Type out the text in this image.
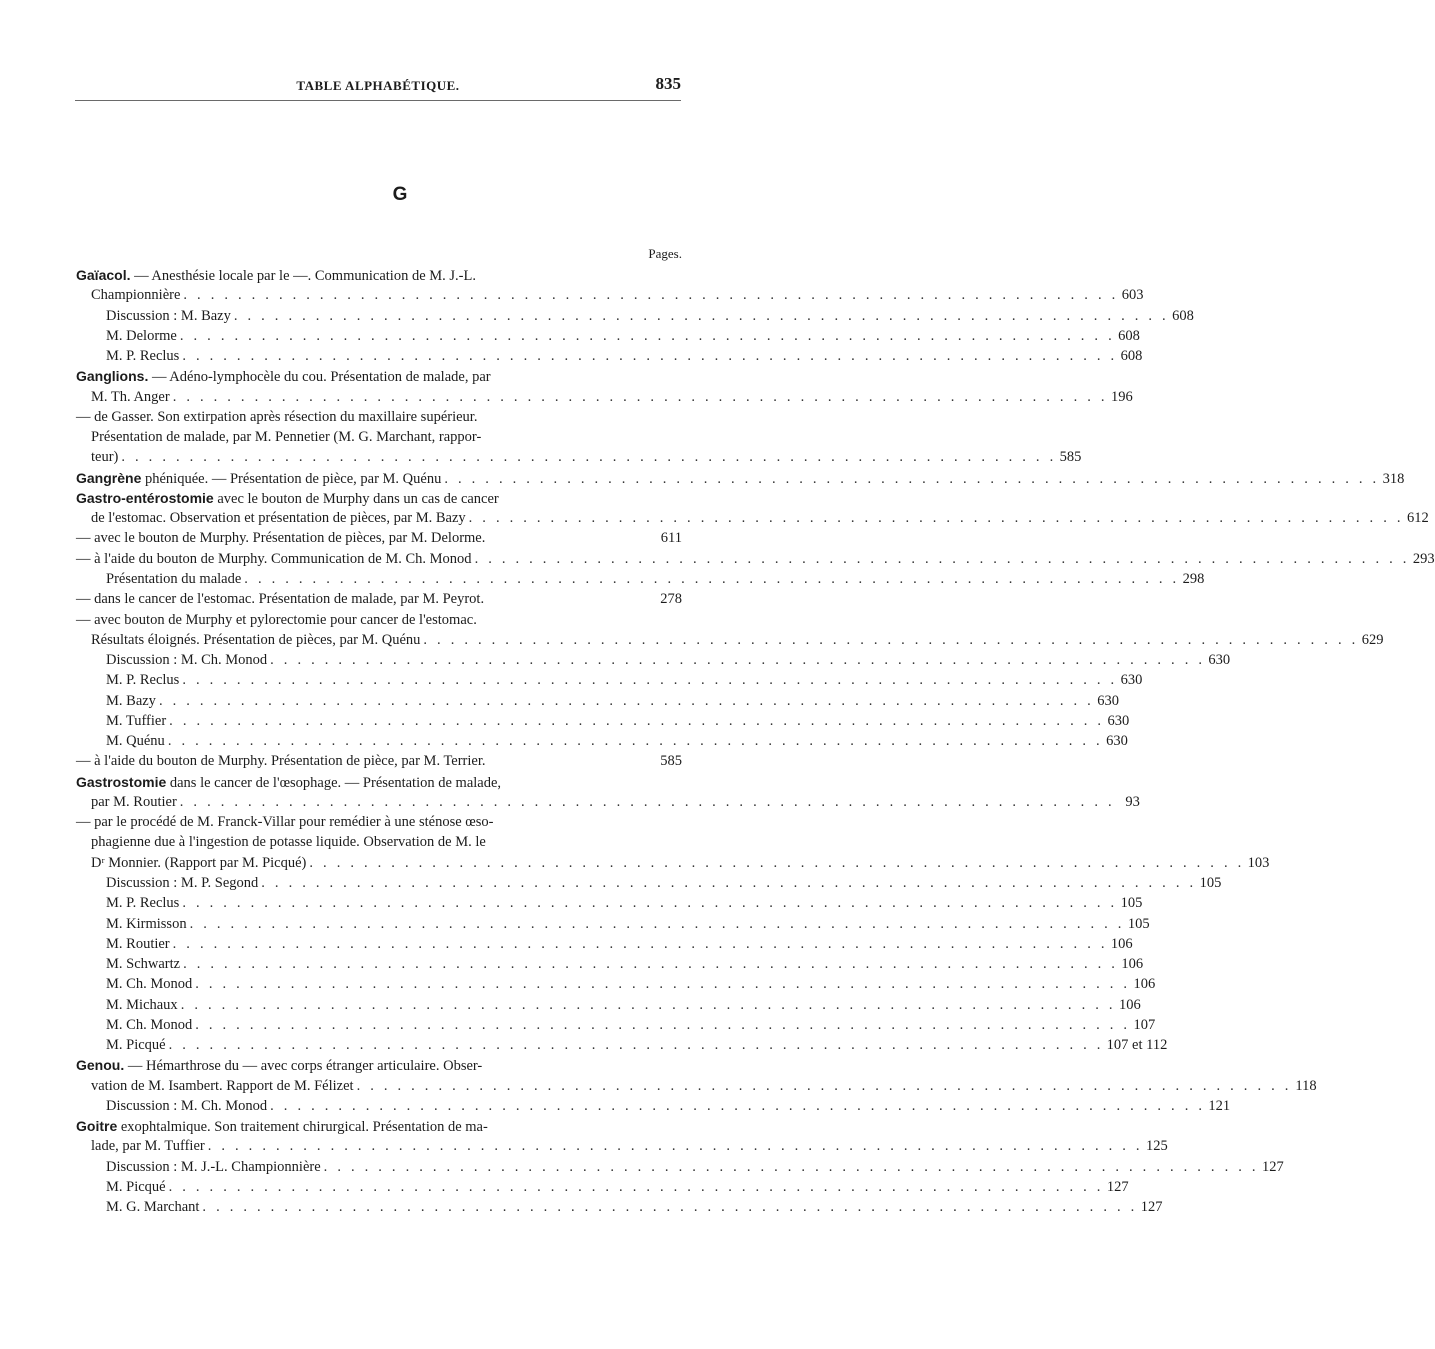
TABLE ALPHABÉTIQUE.	835
G
Pages.
Gaïacol. — Anesthésie locale par le —. Communication de M. J.-L.
Championnière . . .	603
Discussion : M. Bazy . . .	608
M. Delorme . . .	608
M. P. Reclus . . .	608
Ganglions. — Adéno-lymphocèle du cou. Présentation de malade, par
M. Th. Anger . . .	196
— de Gasser. Son extirpation après résection du maxillaire supérieur.
Présentation de malade, par M. Pennetier (M. G. Marchant, rappor-
teur) . . .	585
Gangrène phéniquée. — Présentation de pièce, par M. Quénu . . .	318
Gastro-entérostomie avec le bouton de Murphy dans un cas de cancer
de l'estomac. Observation et présentation de pièces, par M. Bazy . . .	612
— avec le bouton de Murphy. Présentation de pièces, par M. Delorme.	611
— à l'aide du bouton de Murphy. Communication de M. Ch. Monod . . .	293
Présentation du malade . . .	298
— dans le cancer de l'estomac. Présentation de malade, par M. Peyrot.	278
— avec bouton de Murphy et pylorectomie pour cancer de l'estomac.
Résultats éloignés. Présentation de pièces, par M. Quénu . . .	629
Discussion : M. Ch. Monod . . .	630
M. P. Reclus . . .	630
M. Bazy . . .	630
M. Tuffier . . .	630
M. Quénu . . .	630
— à l'aide du bouton de Murphy. Présentation de pièce, par M. Terrier.	585
Gastrostomie dans le cancer de l'œsophage. — Présentation de malade,
par M. Routier . . .	93
— par le procédé de M. Franck-Villar pour remédier à une sténose œso-
phagienne due à l'ingestion de potasse liquide. Observation de M. le
Dʳ Monnier. (Rapport par M. Picqué) . . .	103
Discussion : M. P. Segond . . .	105
M. P. Reclus . . .	105
M. Kirmisson . . .	105
M. Routier . . .	106
M. Schwartz . . .	106
M. Ch. Monod . . .	106
M. Michaux . . .	106
M. Ch. Monod . . .	107
M. Picqué . . .	107 et 112
Genou. — Hémarthrose du — avec corps étranger articulaire. Obser-
vation de M. Isambert. Rapport de M. Félizet . . .	118
Discussion : M. Ch. Monod . . .	121
Goitre exophtalmique. Son traitement chirurgical. Présentation de ma-
lade, par M. Tuffier . . .	125
Discussion : M. J.-L. Championnière . . .	127
M. Picqué . . .	127
M. G. Marchant . . .	127
